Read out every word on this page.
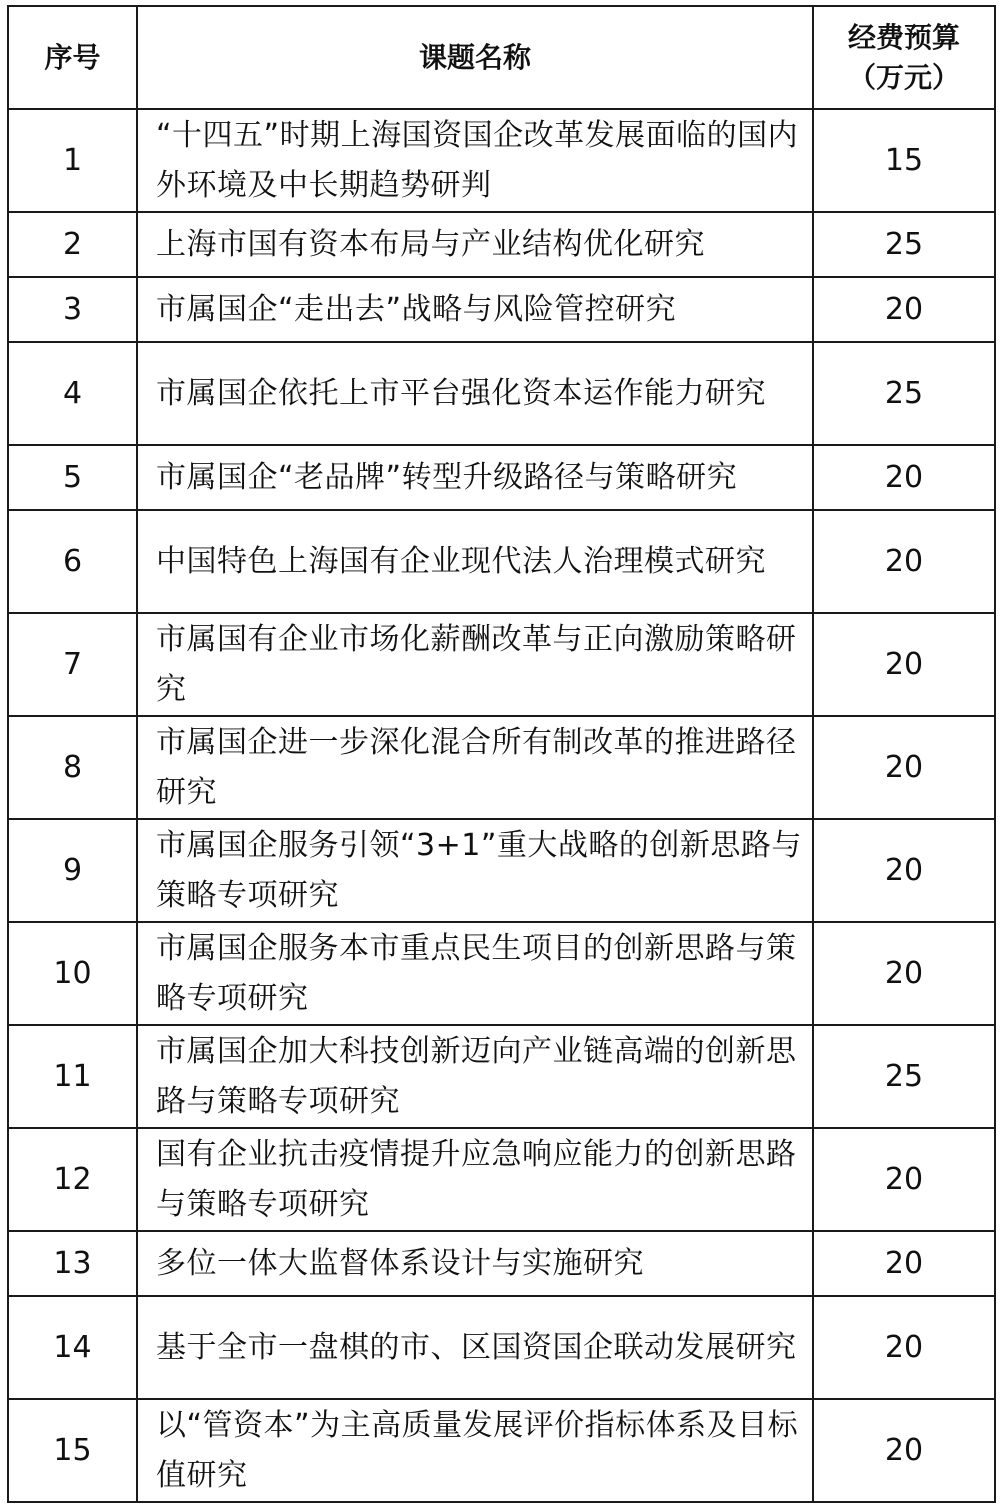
序号	课题名称	经费预算
（万元）

1	“十四五”时期上海国资国企改革发展面临的国内外环境及中长期趋势研判	15
2	上海市国有资本布局与产业结构优化研究	25
3	市属国企“走出去”战略与风险管控研究	20
4	市属国企依托上市平台强化资本运作能力研究	25
5	市属国企“老品牌”转型升级路径与策略研究	20
6	中国特色上海国有企业现代法人治理模式研究	20
7	市属国有企业市场化薪酬改革与正向激励策略研究	20
8	市属国企进一步深化混合所有制改革的推进路径研究	20
9	市属国企服务引领“3+1”重大战略的创新思路与策略专项研究	20
10	市属国企服务本市重点民生项目的创新思路与策略专项研究	20
11	市属国企加大科技创新迈向产业链高端的创新思路与策略专项研究	25
12	国有企业抗击疫情提升应急响应能力的创新思路与策略专项研究	20
13	多位一体大监督体系设计与实施研究	20
14	基于全市一盘棋的市、区国资国企联动发展研究	20
15	以“管资本”为主高质量发展评价指标体系及目标值研究	20
